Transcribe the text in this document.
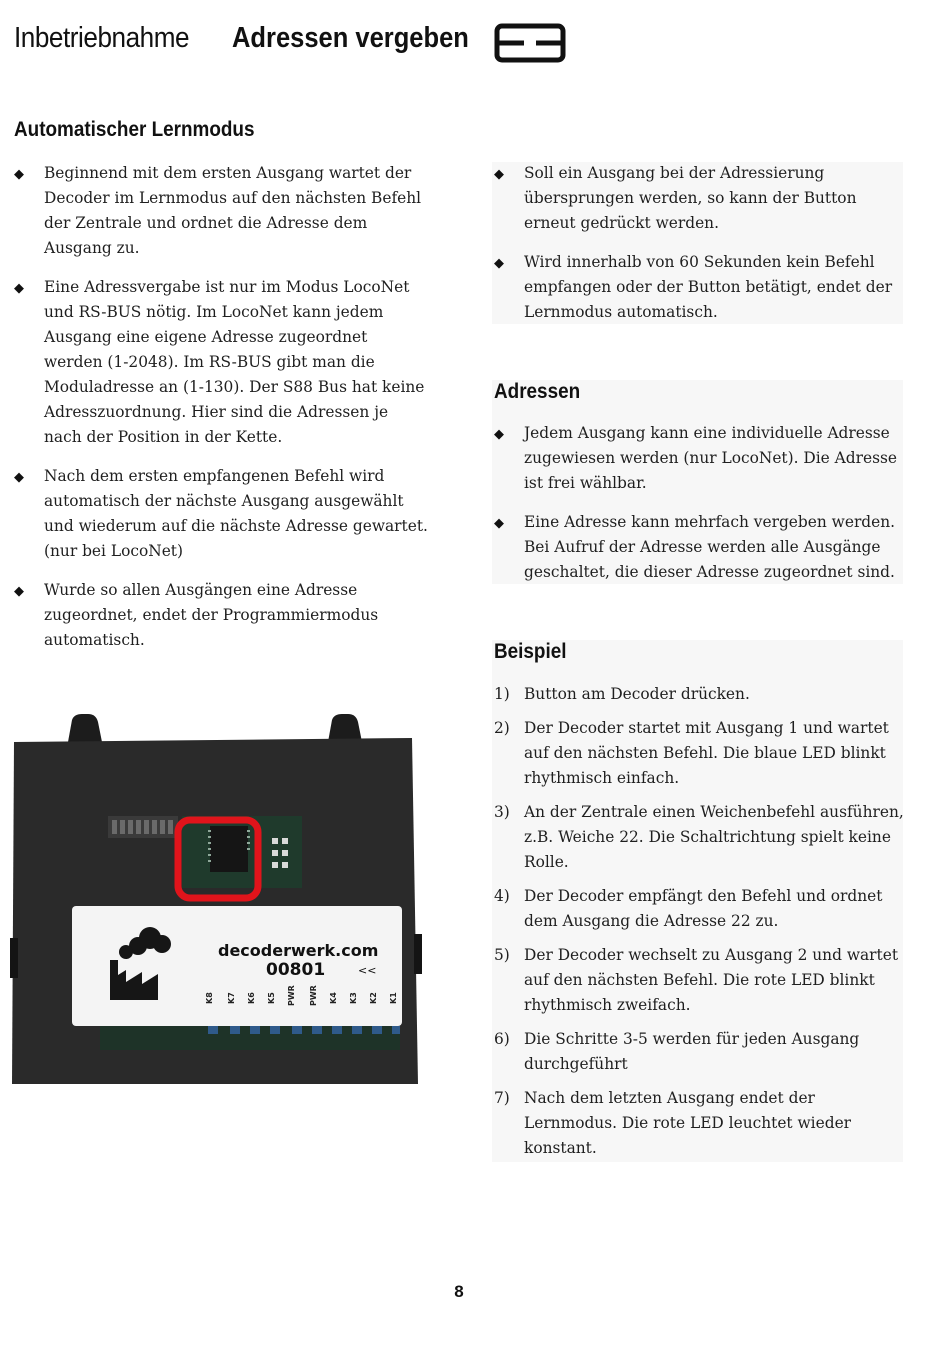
Inbetriebnahme Adressen vergeben
Automatischer Lernmodus
◆ Beginnend mit dem ersten Ausgang wartet der Decoder im Lernmodus auf den nächsten Befehl der Zentrale und ordnet die Adresse dem Ausgang zu.
◆ Eine Adressvergabe ist nur im Modus LocoNet und RS-BUS nötig. Im LocoNet kann jedem Ausgang eine eigene Adresse zugeordnet werden (1-2048). Im RS-BUS gibt man die Moduladresse an (1-130). Der S88 Bus hat keine Adresszuordnung. Hier sind die Adressen je nach der Position in der Kette.
◆ Nach dem ersten empfangenen Befehl wird automatisch der nächste Ausgang ausgewählt und wiederum auf die nächste Adresse gewartet. (nur bei LocoNet)
◆ Wurde so allen Ausgängen eine Adresse zugeordnet, endet der Programmiermodus automatisch.
◆ Soll ein Ausgang bei der Adressierung übersprungen werden, so kann der Button erneut gedrückt werden.
◆ Wird innerhalb von 60 Sekunden kein Befehl empfangen oder der Button betätigt, endet der Lernmodus automatisch.
Adressen
◆ Jedem Ausgang kann eine individuelle Adresse zugewiesen werden (nur LocoNet). Die Adresse ist frei wählbar.
◆ Eine Adresse kann mehrfach vergeben werden. Bei Aufruf der Adresse werden alle Ausgänge geschaltet, die dieser Adresse zugeordnet sind.
Beispiel
1) Button am Decoder drücken.
2) Der Decoder startet mit Ausgang 1 und wartet auf den nächsten Befehl. Die blaue LED blinkt rhythmisch einfach.
3) An der Zentrale einen Weichenbefehl ausführen, z.B. Weiche 22. Die Schaltrichtung spielt keine Rolle.
4) Der Decoder empfängt den Befehl und ordnet dem Ausgang die Adresse 22 zu.
5) Der Decoder wechselt zu Ausgang 2 und wartet auf den nächsten Befehl. Die rote LED blinkt rhythmisch zweifach.
6) Die Schritte 3-5 werden für jeden Ausgang durchgeführt
7) Nach dem letzten Ausgang endet der Lernmodus. Die rote LED leuchtet wieder konstant.
decoderwerk.com
00801	<<
K8 K7 K6 K5 PWR PWR K4 K3 K2 K1
8
